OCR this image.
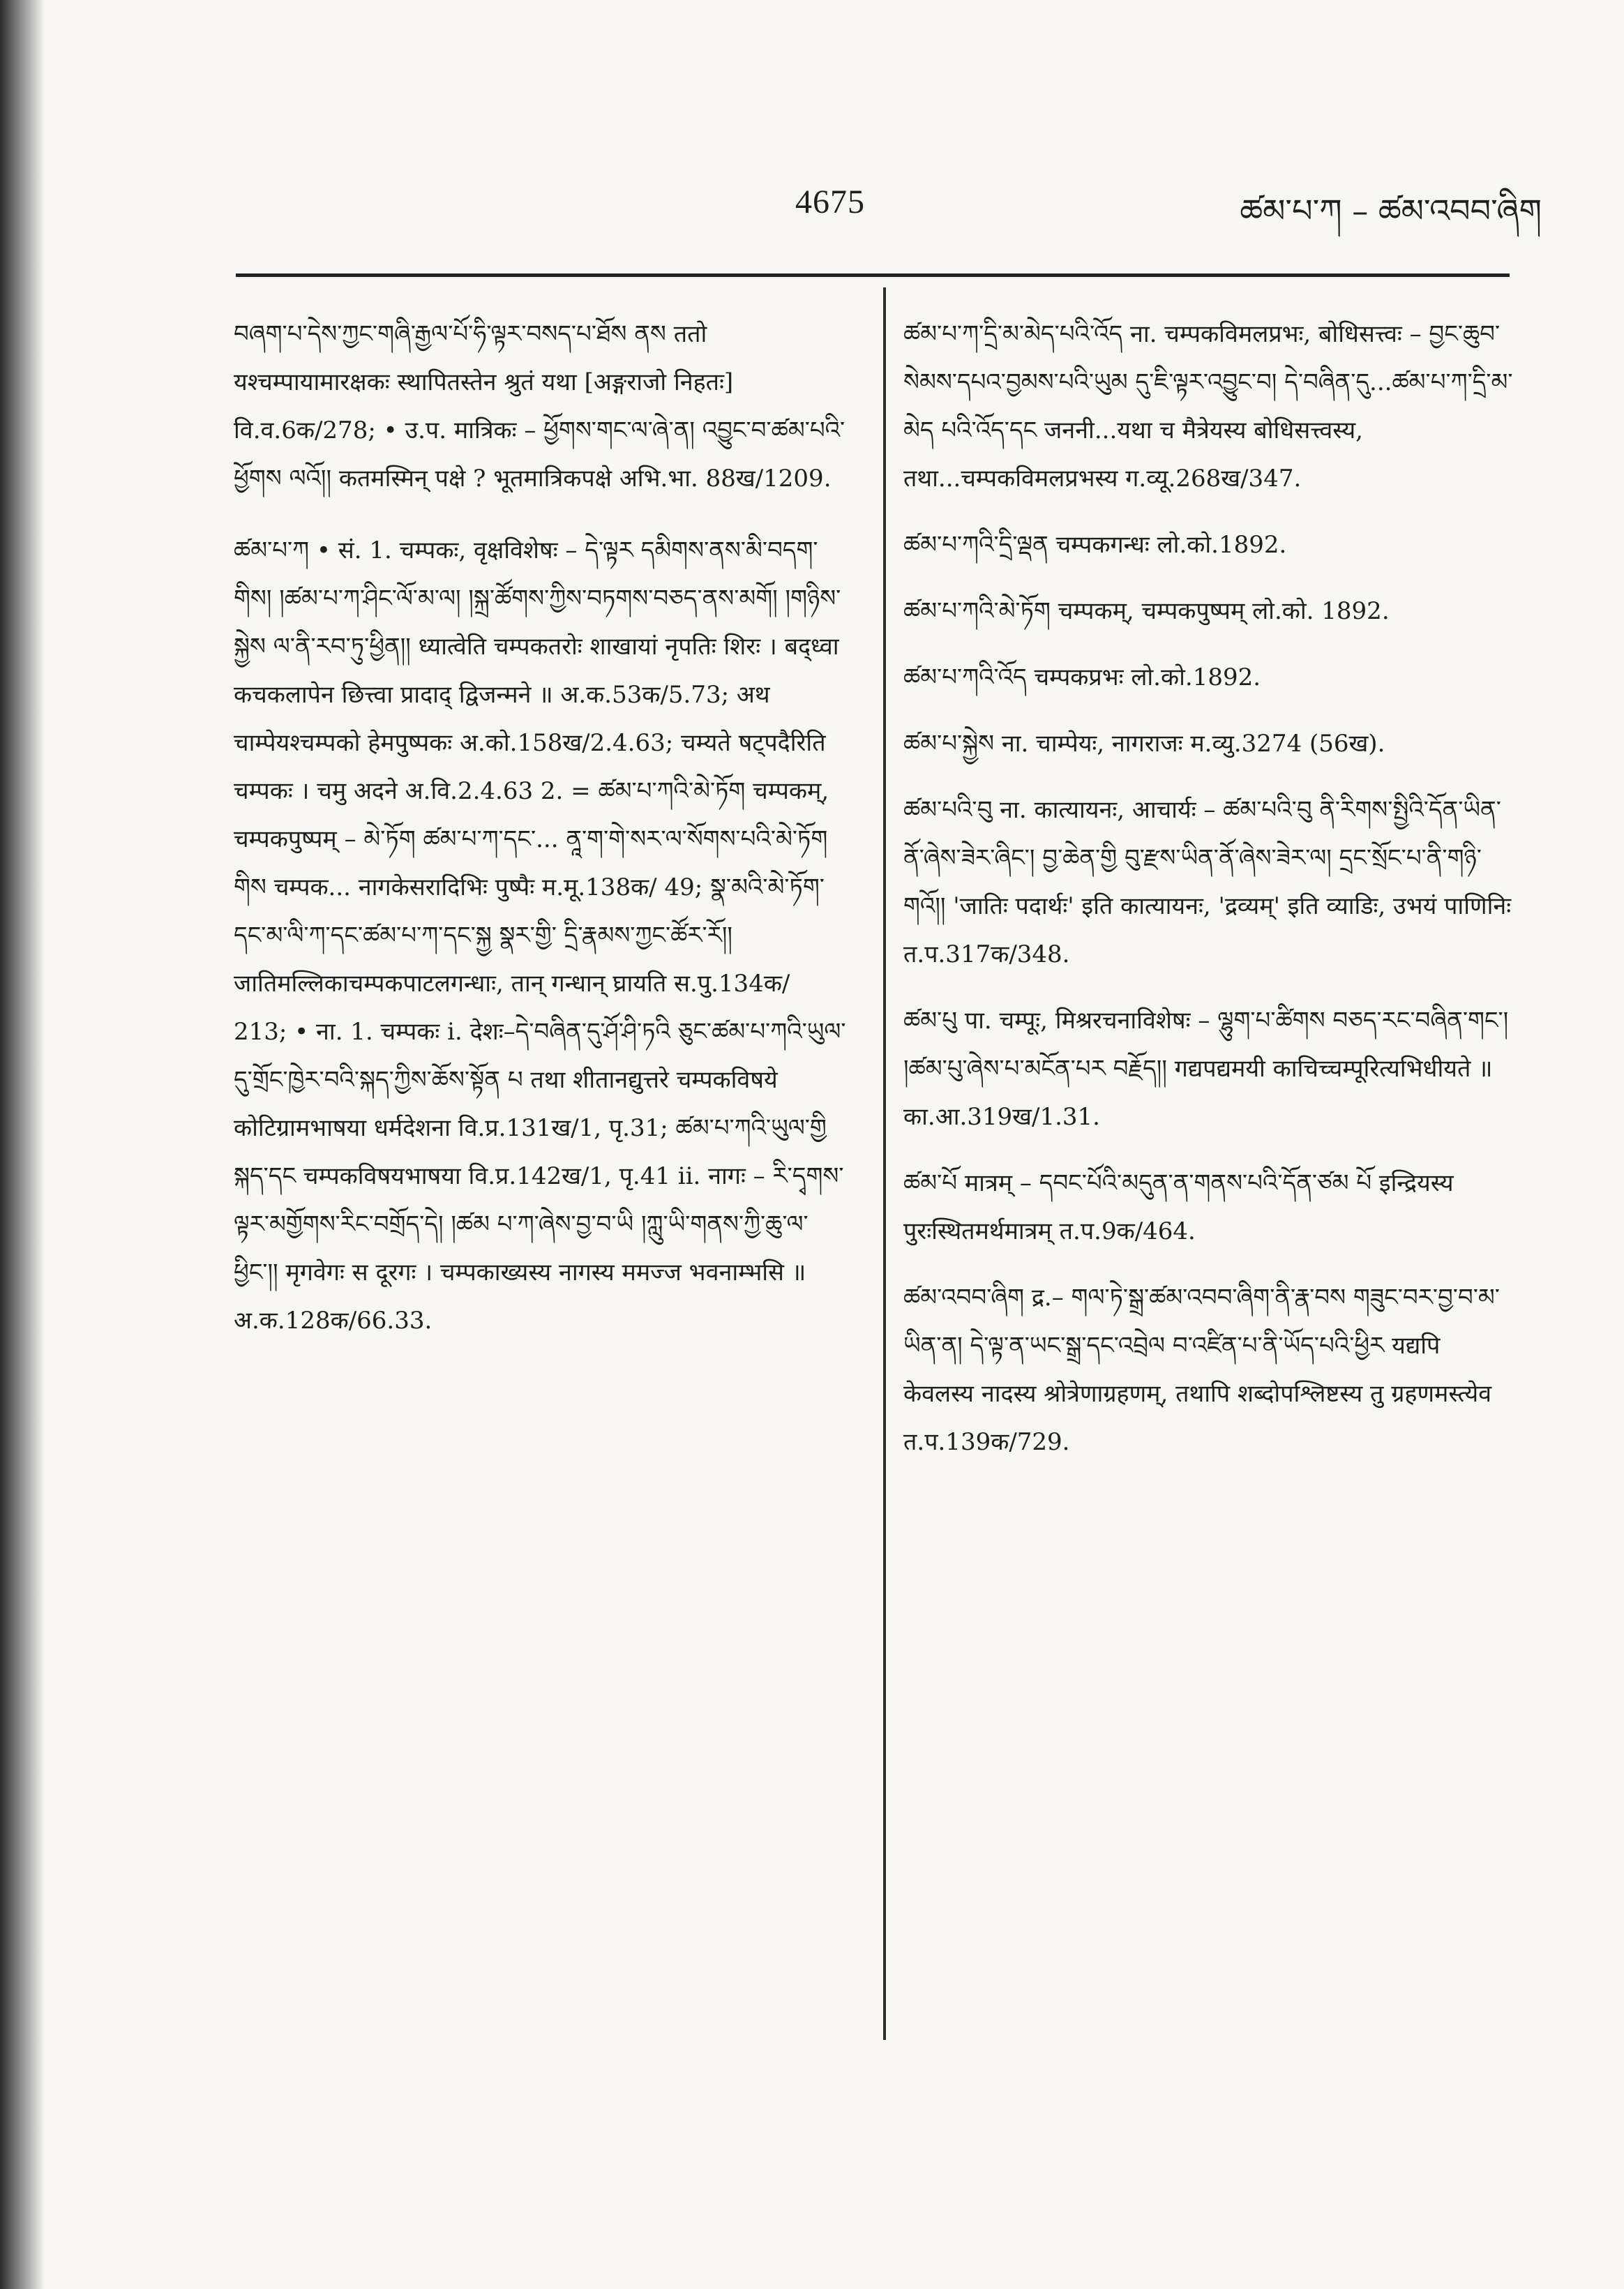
4675	ཚམ་པ་ཀ – ཚམ་འབབ་ཞིག

བཞག་པ་དེས་ཀྱང་གཞི་རྒྱལ་པོ་ཧི་ལྟར་བསད་པ་ཐོས ནས ततो यश्चम्पायामारक्षकः स्थापितस्तेन श्रुतं यथा [अङ्गराजो निहतः] वि.व.6क/278; • उ.प. मात्रिकः – ཕྱོགས་གང་ལ་ཞེ་ན། འབྱུང་བ་ཚམ་པའི་ཕྱོགས ལའོ།། कतमस्मिन् पक्षे ? भूतमात्रिकपक्षे अभि.भा. 88ख/1209.

ཚམ་པ་ཀ • सं. 1. चम्पकः, वृक्षविशेषः – དེ་ལྟར དམིགས་ནས་མི་བདག་གིས། །ཚམ་པ་ཀ་ཤིང་ལོ་མ་ལ། །སྐྲ་ཚོགས་ཀྱིས་བཏགས་བཅད་ནས་མགོ། །གཉིས་སྐྱེས ལ་ནི་རབ་ཏུ་ཕྱིན།། ध्यात्वेति चम्पकतरोः शाखायां नृपतिः शिरः । बद्ध्वा कचकलापेन छित्त्वा प्रादाद् द्विजन्मने ॥ अ.क.53क/5.73; अथ चाम्पेयश्चम्पको हेमपुष्पकः अ.को.158ख/2.4.63; चम्यते षट्पदैरिति चम्पकः । चमु अदने अ.वि.2.4.63 2. = ཚམ་པ་ཀའི་མེ་ཏོག चम्पकम्, चम्पकपुष्पम् – མེ་ཏོག ཚམ་པ་ཀ་དང་... ནཱ་ག་གེ་སར་ལ་སོགས་པའི་མེ་ཏོག གིས चम्पक... नागकेसरादिभिः पुष्पैः म.मू.138क/ 49; སྣ་མའི་མེ་ཏོག་དང་མ་ལི་ཀ་དང་ཚམ་པ་ཀ་དང་སྐྱ སྣར་གྱི་ དྲི་རྣམས་ཀྱང་ཚོར་རོ།། जातिमल्लिकाचम्पकपाटलगन्धाः, तान् गन्धान् घ्रायति स.पु.134क/ 213; • ना. 1. चम्पकः i. देशः–དེ་བཞིན་དུ་ཤོ་ཤི་ཏའི ཅུང་ཚམ་པ་ཀའི་ཡུལ་དུ་གྲོང་ཁྱེར་བའི་སྐད་ཀྱིས་ཆོས་སྟོན པ तथा शीतानद्युत्तरे चम्पकविषये कोटिग्रामभाषया धर्मदेशना वि.प्र.131ख/1, पृ.31; ཚམ་པ་ཀའི་ཡུལ་གྱི སྐད་དང चम्पकविषयभाषया वि.प्र.142ख/1, पृ.41 ii. नागः – རི་དྭགས་ལྟར་མགྱོགས་རིང་བགྲོད་དེ། །ཚམ པ་ཀ་ཞེས་བྱ་བ་ཡི །ཀླུ་ཡི་གནས་ཀྱི་ཆུ་ལ་ཕྱིང་།། मृगवेगः स दूरगः । चम्पकाख्यस्य नागस्य ममज्ज भवनाम्भसि ॥ अ.क.128क/66.33.

ཚམ་པ་ཀ་དྲི་མ་མེད་པའི་འོད ना. चम्पकविमलप्रभः, बोधिसत्त्वः – བྱང་ཆུབ་སེམས་དཔའ་བྱམས་པའི་ཡུམ དུ་ཇི་ལྟར་འབྱུང་བ། དེ་བཞིན་དུ...ཚམ་པ་ཀ་དྲི་མ་མེད པའི་འོད་དང जननी...यथा च मैत्रेयस्य बोधिसत्त्वस्य, तथा...चम्पकविमलप्रभस्य ग.व्यू.268ख/347.

ཚམ་པ་ཀའི་དྲི་ལྡན चम्पकगन्धः लो.को.1892.

ཚམ་པ་ཀའི་མེ་ཏོག चम्पकम्, चम्पकपुष्पम् लो.को. 1892.

ཚམ་པ་ཀའི་འོད चम्पकप्रभः लो.को.1892.

ཚམ་པ་སྐྱེས ना. चाम्पेयः, नागराजः म.व्यु.3274 (56ख).

ཚམ་པའི་བུ ना. कात्यायनः, आचार्यः – ཚམ་པའི་བུ ནི་རིགས་སྤྱིའི་དོན་ཡིན་ནོ་ཞེས་ཟེར་ཞིང་། བྱ་ཆེན་གྱི བུ་རྫས་ཡིན་ནོ་ཞེས་ཟེར་ལ། དྲང་སྲོང་པ་ནི་གཉི་གའོ།། 'जातिः पदार्थः' इति कात्यायनः, 'द्रव्यम्' इति व्याडिः, उभयं पाणिनिः त.प.317क/348.

ཚམ་པུ पा. चम्पूः, मिश्ररचनाविशेषः – ལྷུག་པ་ཚིགས བཅད་རང་བཞིན་གང་། །ཚམ་པུ་ཞེས་པ་མངོན་པར བརྗོད།། गद्यपद्यमयी काचिच्चम्पूरित्यभिधीयते ॥ का.आ.319ख/1.31.

ཚམ་པོ मात्रम् – དབང་པོའི་མདུན་ན་གནས་པའི་དོན་ཙམ པོ इन्द्रियस्य पुरःस्थितमर्थमात्रम् त.प.9क/464.

ཚམ་འབབ་ཞིག द्र.– གལ་ཏེ་སྒྲ་ཚམ་འབབ་ཞིག་ནི་རྣ་བས གཟུང་བར་བྱ་བ་མ་ཡིན་ན། དེ་ལྟ་ན་ཡང་སྒྲ་དང་འབྲེལ བ་འཛིན་པ་ནི་ཡོད་པའི་ཕྱིར यद्यपि केवलस्य नादस्य श्रोत्रेणाग्रहणम्, तथापि शब्दोपश्लिष्टस्य तु ग्रहणमस्त्येव त.प.139क/729.
